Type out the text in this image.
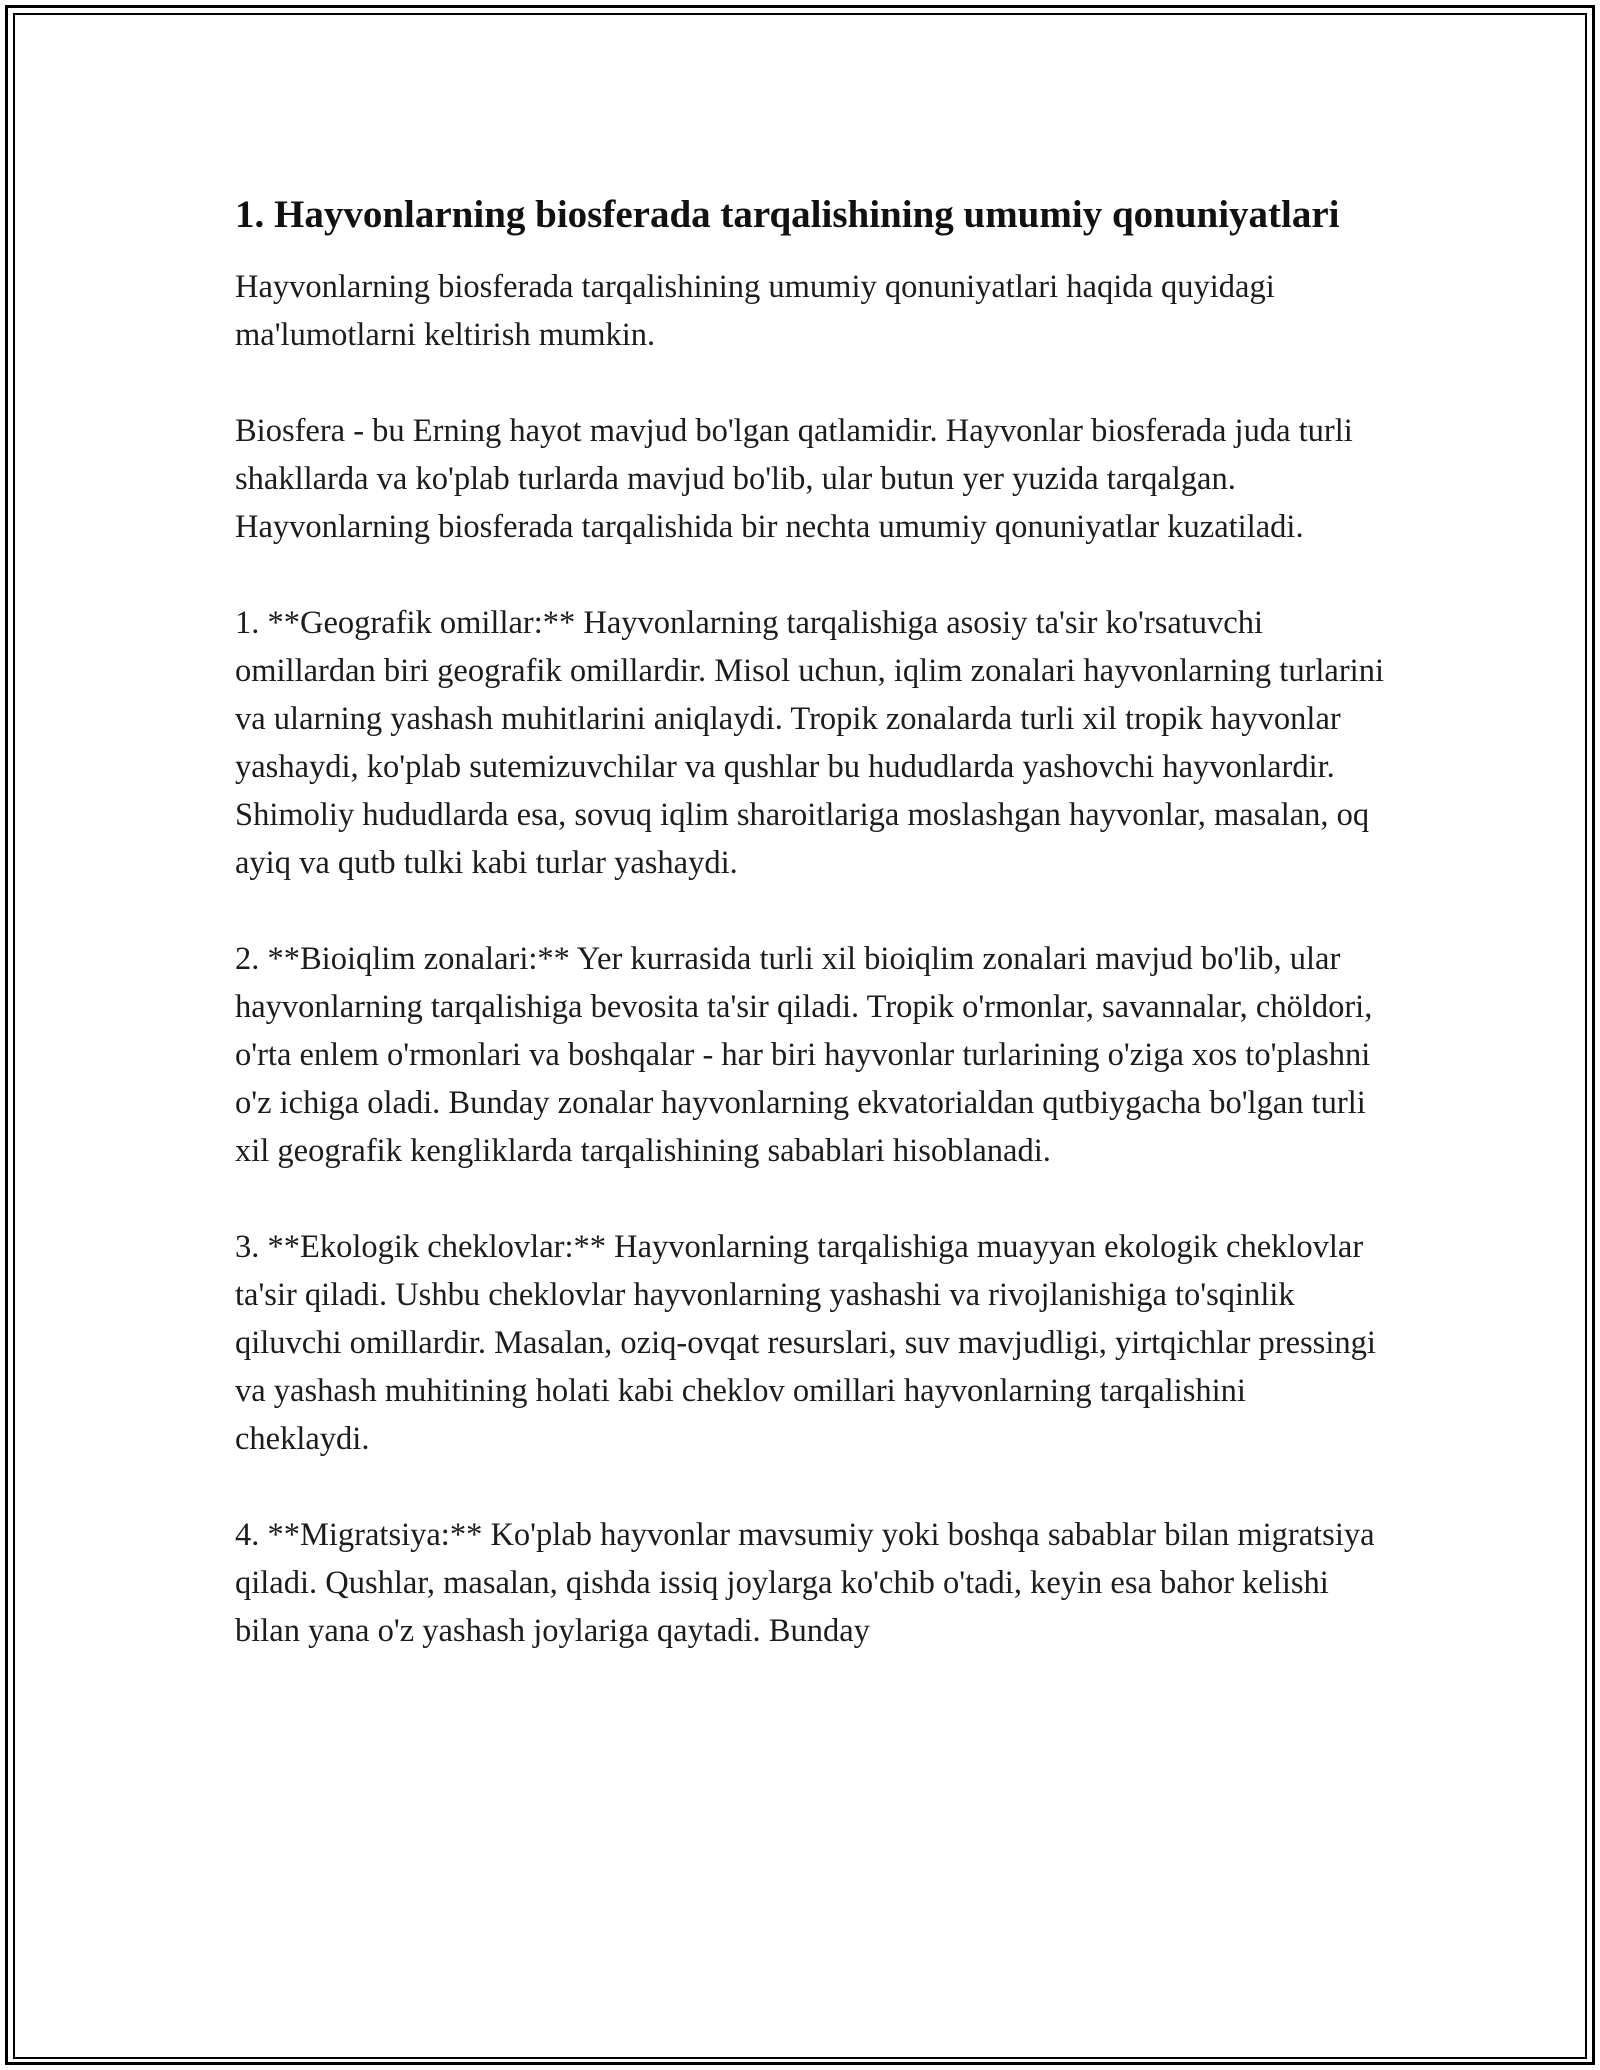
1. Hayvonlarning biosferada tarqalishining umumiy qonuniyatlari

Hayvonlarning biosferada tarqalishining umumiy qonuniyatlari haqida quyidagi ma'lumotlarni keltirish mumkin.

Biosfera - bu Erning hayot mavjud bo'lgan qatlamidir. Hayvonlar biosferada juda turli shakllarda va ko'plab turlarda mavjud bo'lib, ular butun yer yuzida tarqalgan. Hayvonlarning biosferada tarqalishida bir nechta umumiy qonuniyatlar kuzatiladi.

1. **Geografik omillar:** Hayvonlarning tarqalishiga asosiy ta'sir ko'rsatuvchi omillardan biri geografik omillardir. Misol uchun, iqlim zonalari hayvonlarning turlarini va ularning yashash muhitlarini aniqlaydi. Tropik zonalarda turli xil tropik hayvonlar yashaydi, ko'plab sutemizuvchilar va qushlar bu hududlarda yashovchi hayvonlardir. Shimoliy hududlarda esa, sovuq iqlim sharoitlariga moslashgan hayvonlar, masalan, oq ayiq va qutb tulki kabi turlar yashaydi.

2. **Bioiqlim zonalari:** Yer kurrasida turli xil bioiqlim zonalari mavjud bo'lib, ular hayvonlarning tarqalishiga bevosita ta'sir qiladi. Tropik o'rmonlar, savannalar, chöldori, o'rta enlem o'rmonlari va boshqalar - har biri hayvonlar turlarining o'ziga xos to'plashni o'z ichiga oladi. Bunday zonalar hayvonlarning ekvatorialdan qutbiygacha bo'lgan turli xil geografik kengliklarda tarqalishining sabablari hisoblanadi.

3. **Ekologik cheklovlar:** Hayvonlarning tarqalishiga muayyan ekologik cheklovlar ta'sir qiladi. Ushbu cheklovlar hayvonlarning yashashi va rivojlanishiga to'sqinlik qiluvchi omillardir. Masalan, oziq-ovqat resurslari, suv mavjudligi, yirtqichlar pressingi va yashash muhitining holati kabi cheklov omillari hayvonlarning tarqalishini cheklaydi.

4. **Migratsiya:** Ko'plab hayvonlar mavsumiy yoki boshqa sabablar bilan migratsiya qiladi. Qushlar, masalan, qishda issiq joylarga ko'chib o'tadi, keyin esa bahor kelishi bilan yana o'z yashash joylariga qaytadi. Bunday
